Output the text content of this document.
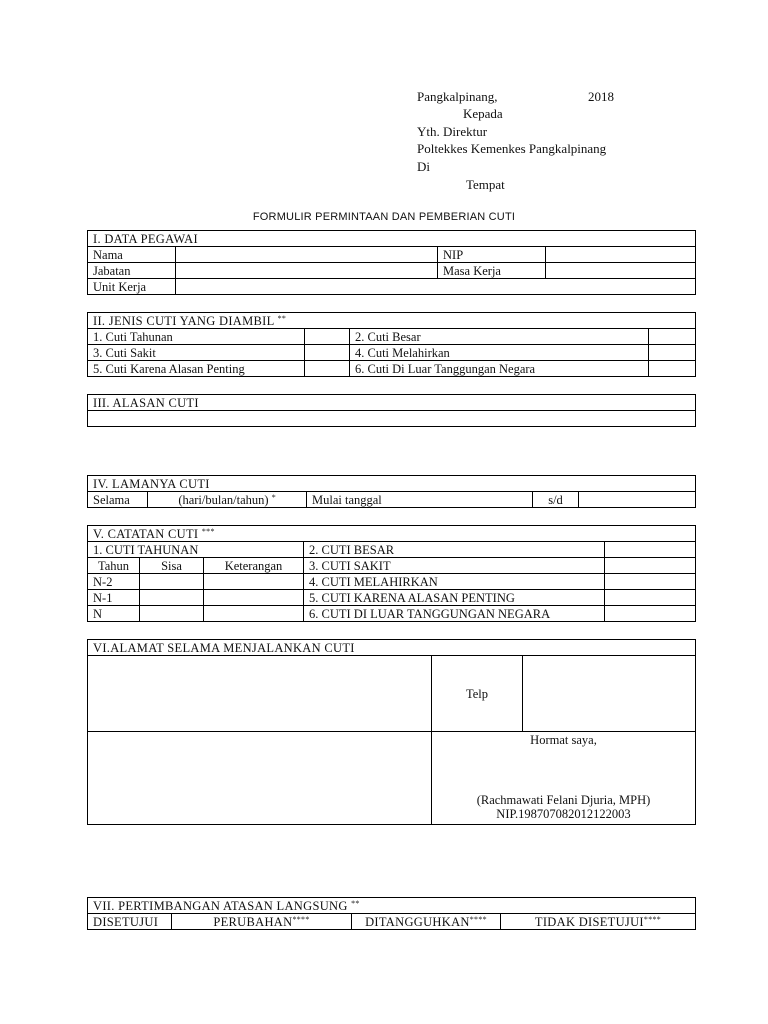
Pangkalpinang,	2018
Kepada
Yth. Direktur
Poltekkes Kemenkes Pangkalpinang
Di
Tempat
FORMULIR PERMINTAAN DAN PEMBERIAN CUTI
I. DATA PEGAWAI			
Nama		NIP	
Jabatan		Masa Kerja	
Unit Kerja			
II. JENIS CUTI YANG DIAMBIL **
1. Cuti Tahunan		2. Cuti Besar	
3. Cuti Sakit		4. Cuti Melahirkan	
5. Cuti Karena Alasan Penting		6. Cuti Di Luar Tanggungan Negara	
III. ALASAN CUTI

IV. LAMANYA CUTI
Selama	(hari/bulan/tahun) *	Mulai tanggal	s/d	
V. CATATAN CUTI ***
1. CUTI TAHUNAN			2. CUTI BESAR	
Tahun	Sisa	Keterangan	3. CUTI SAKIT	
N-2			4. CUTI MELAHIRKAN	
N-1			5. CUTI KARENA ALASAN PENTING	
N			6. CUTI DI LUAR TANGGUNGAN NEGARA	
VI.ALAMAT SELAMA MENJALANKAN CUTI		
	Telp	

	Hormat saya,
(Rachmawati Felani Djuria, MPH)
NIP.198707082012122003	
VII. PERTIMBANGAN ATASAN LANGSUNG **
DISETUJUI	PERUBAHAN****	DITANGGUHKAN****	TIDAK DISETUJUI****
